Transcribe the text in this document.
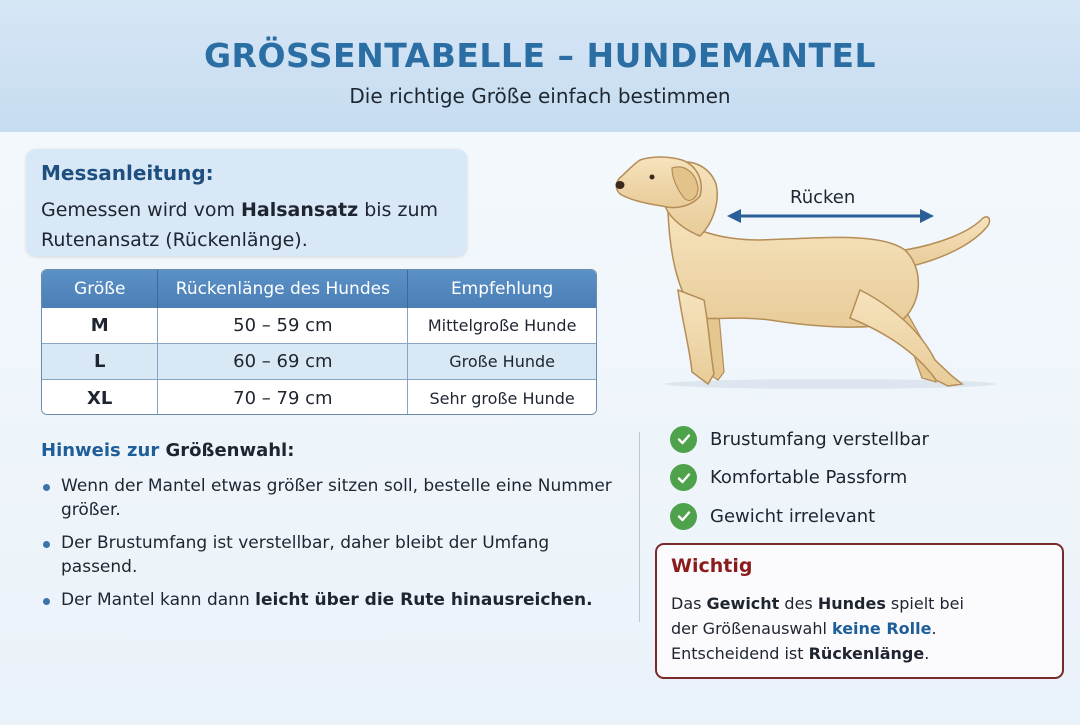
GRÖSSENTABELLE – HUNDEMANTEL
Die richtige Größe einfach bestimmen
Messanleitung:
Gemessen wird vom Halsansatz bis zum Rutenansatz (Rückenlänge).
Größe	Rückenlänge des Hundes	Empfehlung
M	50 – 59 cm	Mittelgroße Hunde
L	60 – 69 cm	Große Hunde
XL	70 – 79 cm	Sehr große Hunde
Hinweis zur Größenwahl:
Wenn der Mantel etwas größer sitzen soll, bestelle eine Nummer größer.
Der Brustumfang ist verstellbar, daher bleibt der Umfang passend.
Der Mantel kann dann leicht über die Rute hinausreichen.
Rücken
Brustumfang verstellbar
Komfortable Passform
Gewicht irrelevant
Wichtig
Das Gewicht des Hundes spielt bei
der Größenauswahl keine Rolle.
Entscheidend ist Rückenlänge.
